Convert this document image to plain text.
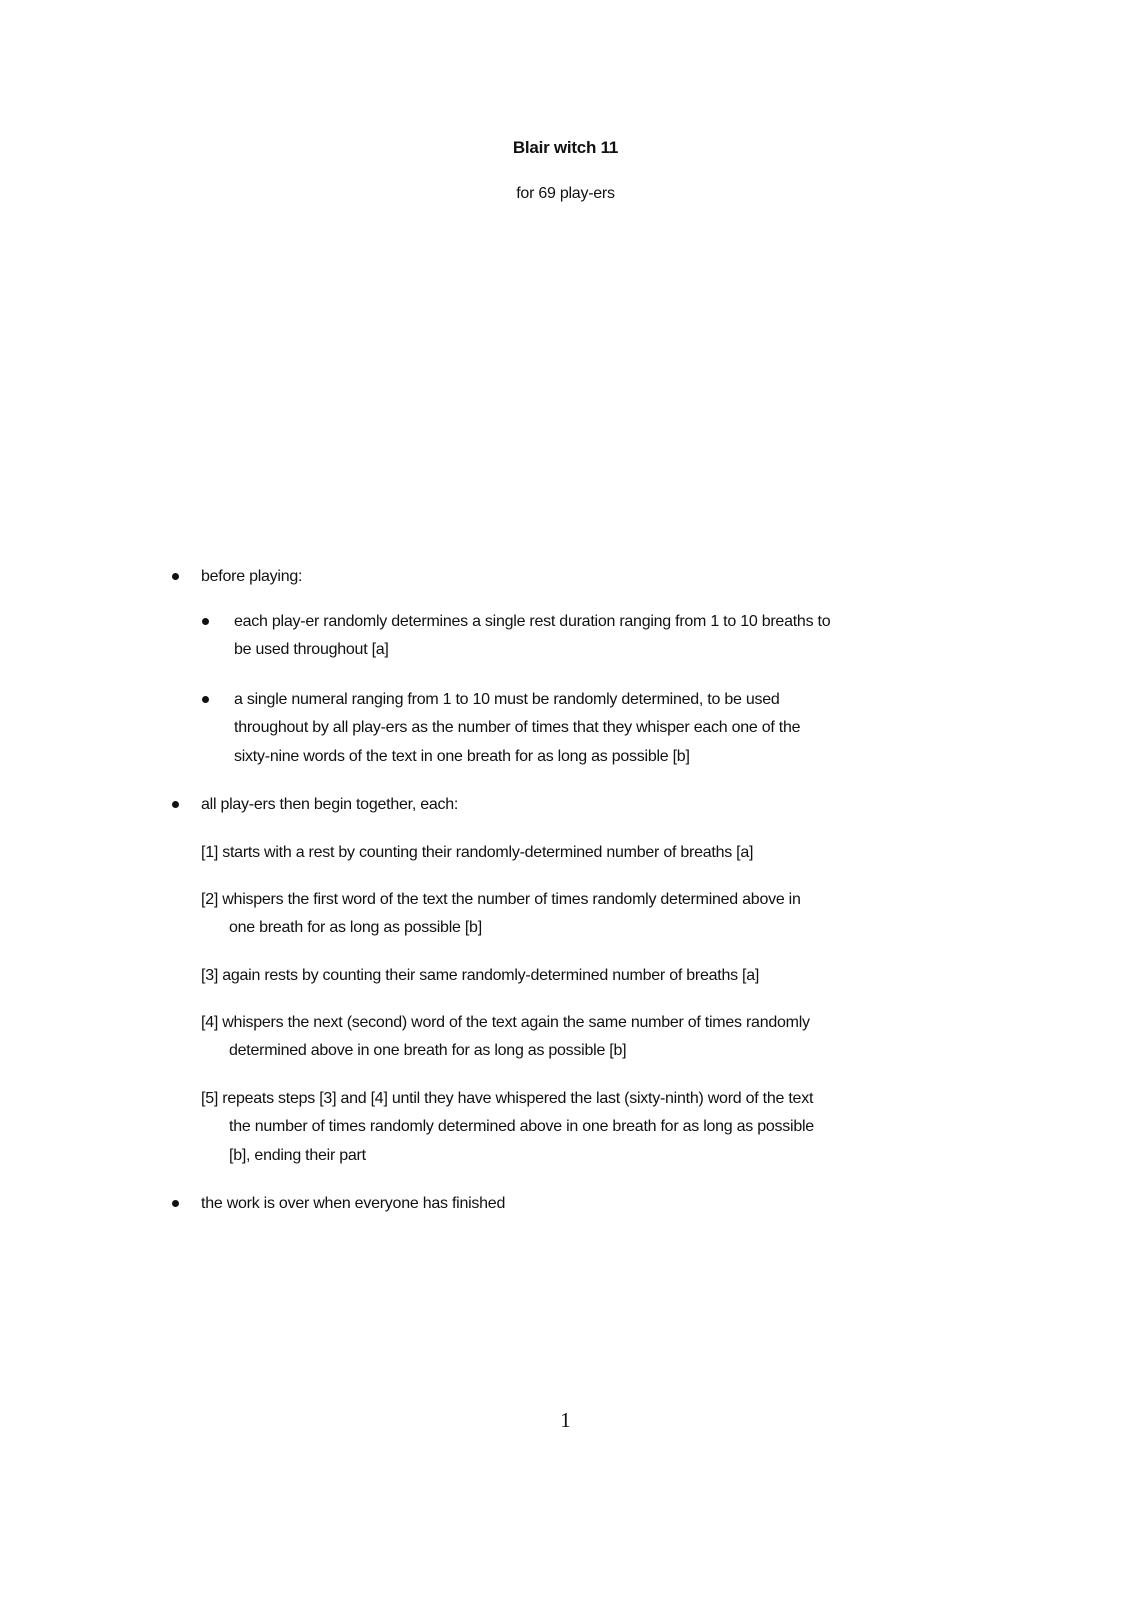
Blair witch 11
for 69 play-ers
before playing:
each play-er randomly determines a single rest duration ranging from 1 to 10 breaths to
be used throughout [a]
a single numeral ranging from 1 to 10 must be randomly determined, to be used
throughout by all play-ers as the number of times that they whisper each one of the
sixty-nine words of the text in one breath for as long as possible [b]
all play-ers then begin together, each:
[1] starts with a rest by counting their randomly-determined number of breaths [a]
[2] whispers the first word of the text the number of times randomly determined above in
one breath for as long as possible [b]
[3] again rests by counting their same randomly-determined number of breaths [a]
[4] whispers the next (second) word of the text again the same number of times randomly
determined above in one breath for as long as possible [b]
[5] repeats steps [3] and [4] until they have whispered the last (sixty-ninth) word of the text
the number of times randomly determined above in one breath for as long as possible
[b], ending their part
the work is over when everyone has finished
1
